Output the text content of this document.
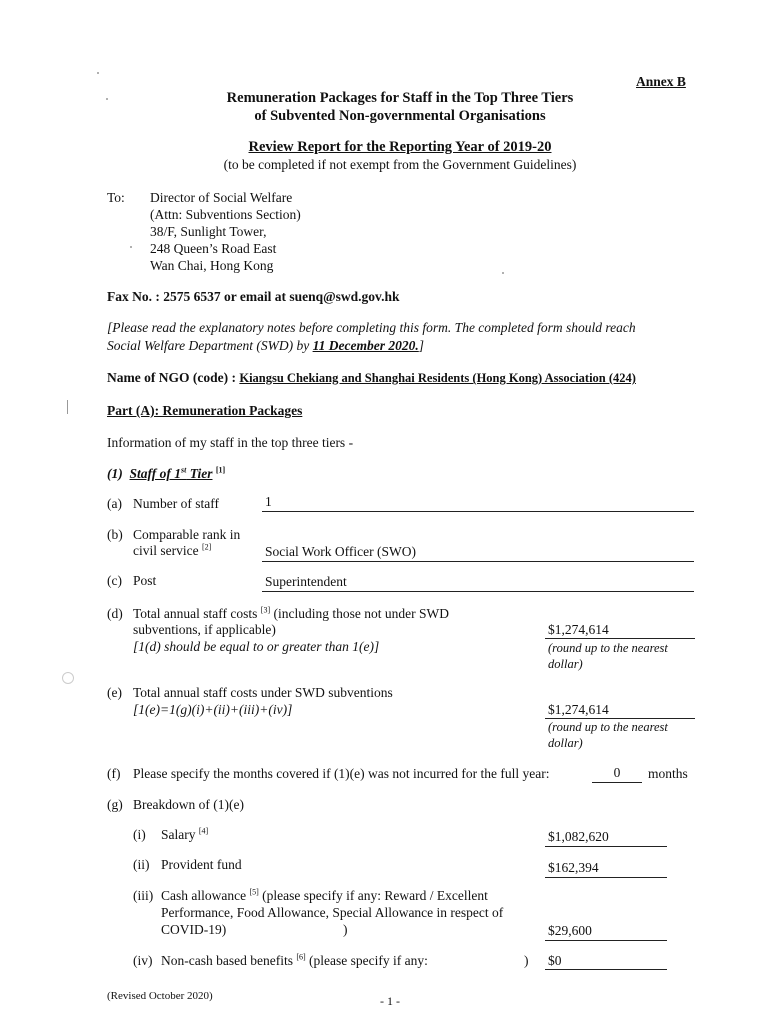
Annex B
Remuneration Packages for Staff in the Top Three Tiers
of Subvented Non-governmental Organisations
Review Report for the Reporting Year of 2019-20
(to be completed if not exempt from the Government Guidelines)
To: Director of Social Welfare
(Attn: Subventions Section)
38/F, Sunlight Tower,
248 Queen’s Road East
Wan Chai, Hong Kong
Fax No. : 2575 6537 or email at suenq@swd.gov.hk
[Please read the explanatory notes before completing this form. The completed form should reach
Social Welfare Department (SWD) by 11 December 2020.]
Name of NGO (code) : Kiangsu Chekiang and Shanghai Residents (Hong Kong) Association (424)
Part (A): Remuneration Packages
Information of my staff in the top three tiers -
(1) Staff of 1st Tier [1]
(a) Number of staff	1
(b) Comparable rank in
civil service [2]	Social Work Officer (SWO)
(c) Post	Superintendent
(d) Total annual staff costs [3] (including those not under SWD
subventions, if applicable)
[1(d) should be equal to or greater than 1(e)]
$1,274,614
(round up to the nearest
dollar)
(e) Total annual staff costs under SWD subventions
[1(e)=1(g)(i)+(ii)+(iii)+(iv)]	$1,274,614
(round up to the nearest
dollar)
(f) Please specify the months covered if (1)(e) was not incurred for the full year:	0	months
(g) Breakdown of (1)(e)
(i) Salary [4]	$1,082,620
(ii) Provident fund	$162,394
(iii) Cash allowance [5] (please specify if any: Reward / Excellent
Performance, Food Allowance, Special Allowance in respect of
COVID-19)	)	$29,600
(iv) Non-cash based benefits [6] (please specify if any:	) $0
(Revised October 2020)	- 1 -
